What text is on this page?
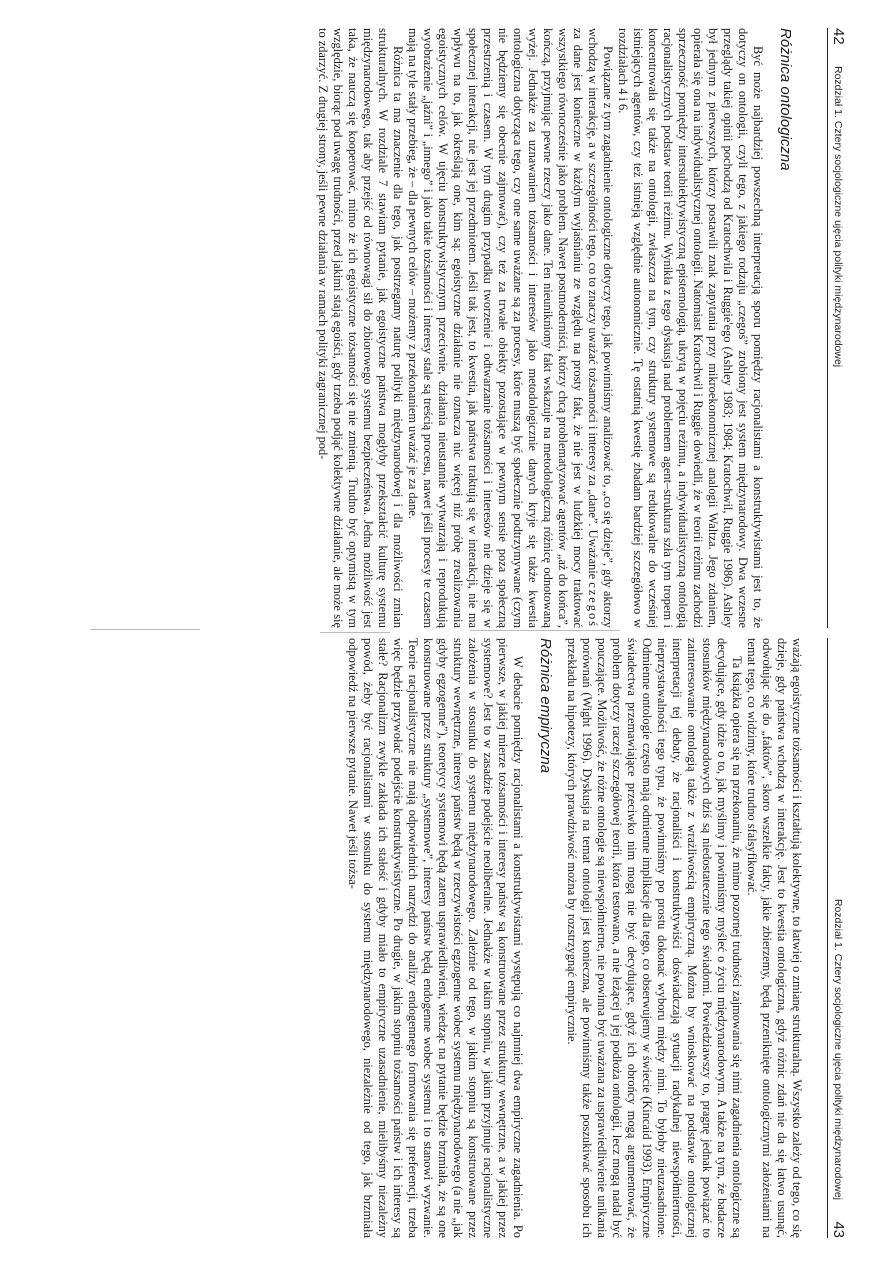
42
Rozdział 1. Cztery socjologiczne ujęcia polityki międzynarodowej
Różnica ontologiczna

Być może najbardziej powszechną interpretacją sporu pomiędzy racjonalistami a konstruktywistami jest to, że dotyczy on ontologii, czyli tego, z jakiego rodzaju „czegoś” zrobiony jest system międzynarodowy. Dwa wczesne przeglądy takiej opinii pochodzą od Kratochwila i Ruggie'ego (Ashley 1983; 1984; Kratochwil, Ruggie 1986). Ashley był jednym z pierwszych, którzy postawili znak zapytania przy mikroekonomicznej analogii Waltza. Jego zdaniem, opierała się ona na indywidualistycznej ontologii. Natomiast Kratochwil i Ruggie dowiedli, że w teorii reżimu zachodzi sprzeczność pomiędzy intersubiektywistyczną epistemologią, ukrytą w pojęciu reżimu, a indywidualistyczną ontologią racjonalistycznych podstaw teorii reżimu. Wynikła z tego dyskusja nad problemem agent–struktura szła tym tropem i koncentrowała się także na ontologii, zwłaszcza na tym, czy struktury systemowe są redukowalne do wcześniej istniejących agentów, czy też istnieją względnie autonomicznie. Tę ostatnią kwestię zbadam bardziej szczegółowo w rozdziałach 4 i 6.

Powiązane z tym zagadnienie ontologiczne dotyczy tego, jak powinniśmy analizować to, „co się dzieje”, gdy aktorzy wchodzą w interakcję, a w szczególności tego, co to znaczy uważać tożsamości i interesy za „dane”. Uważanie czegoś za dane jest konieczne w każdym wyjaśnianiu ze względu na prosty fakt, że nie jest w ludzkiej mocy traktować wszystkiego równocześnie jako problem. Nawet postmoderniści, którzy chcą problematyzować agentów „aż do końca”, kończą, przyjmując pewne rzeczy jako dane. Ten nieunikniony fakt wskazuje na metodologiczną różnicę odnotowaną wyżej. Jednakże za uznawaniem tożsamości i interesów jako metodologicznie danych kryje się także kwestia ontologiczna dotycząca tego, czy one same uważane są za procesy, które muszą być społecznie podtrzymywane (czym nie będziemy się obecnie zajmować), czy też za trwałe obiekty pozostające w pewnym sensie poza społeczną przestrzenią i czasem. W tym drugim przypadku tworzenie i odtwarzanie tożsamości i interesów nie dzieje się w społecznej interakcji, nie jest jej przedmiotem. Jeśli tak jest, to kwestia, jak państwa traktują się w interakcji, nie ma wpływu na to, jak określają one, kim są: egoistyczne działanie nie oznacza nic więcej niż próbę zrealizowania egoistycznych celów. W ujęciu konstruktywistycznym przeciwnie, działania nieustannie wytwarzają i reprodukują wyobrażenie „jaźni” i „innego” i jako takie tożsamości i interesy stale są treścią procesu, nawet jeśli procesy te czasem mają na tyle stały przebieg, że – dla pewnych celów – możemy z przekonaniem uważać je za dane.

Różnica ta ma znaczenie dla tego, jak postrzegamy naturę polityki międzynarodowej i dla możliwości zmian strukturalnych. W rozdziale 7 stawiam pytanie, jak egoistyczne państwa mogłyby przekształcić kulturę systemu międzynarodowego, tak aby przejść od równowagi sił do zbiorowego systemu bezpieczeństwa. Jedna możliwość jest taka, że nauczą się kooperować, mimo że ich egoistyczne tożsamości się nie zmienią. Trudno być optymistą w tym względzie, biorąc pod uwagę trudności, przed jakimi stają egoiści, gdy trzeba podjąć kolektywne działanie, ale może się to zdarzyć. Z drugiej strony, jeśli pewne działania w ramach polityki zagranicznej pod-

Rozdział 1. Cztery socjologiczne ujęcia polityki międzynarodowej
43

ważają egoistyczne tożsamości i kształtują kolektywne, to łatwiej o zmianę strukturalną. Wszystko zależy od tego, co się dzieje, gdy państwa wchodzą w interakcję. Jest to kwestia ontologiczna, gdyż różnic zdań nie da się łatwo usunąć, odwołując się do „faktów”, skoro wszelkie fakty, jakie zbierzemy, będą przeniknięte ontologicznymi założeniami na temat tego, co widzimy, które trudno sfalsyfikować.

Ta książka opiera się na przekonaniu, że mimo pozornej trudności zajmowania się nimi zagadnienia ontologiczne są decydujące, gdy idzie o to, jak myślimy i powinniśmy myśleć o życiu międzynarodowym. A także na tym, że badacze stosunków międzynarodowych dziś są niedostatecznie tego świadomi. Powiedziawszy to, pragnę jednak powiązać to zainteresowanie ontologią także z wrażliwością empiryczną. Można by wnioskować na podstawie ontologicznej interpretacji tej debaty, że racjonaliści i konstruktywiści doświadczają sytuacji radykalnej niewspółmierności, nieprzystawalności tego typu, że powinniśmy po prostu dokonać wyboru między nimi. To byłoby nieuzasadnione. Odmienne ontologie często mają odmienne implikacje dla tego, co obserwujemy w świecie (Kincaid 1993). Empiryczne świadectwa przemawiające przeciwko nim mogą nie być decydujące, gdyż ich obrońcy mogą argumentować, że problem dotyczy raczej szczegółowej teorii, która testowano, a nie leżącej u jej podłoża ontologii, lecz mogą nadal być pouczające. Możliwość, że różne ontologie są niewspółmierne, nie powinna być uważana za usprawiedliwienie unikania porównań (Wight 1996). Dyskusja na temat ontologii jest konieczna, ale powinniśmy także poszukiwać sposobu ich przekładu na hipotezy, których prawdziwość można by rozstrzygnąć empirycznie.

Różnica empiryczna

W debacie pomiędzy racjonalistami a konstruktywistami występują co najmniej dwa empiryczne zagadnienia. Po pierwsze, w jakiej mierze tożsamości i interesy państw są konstruowane przez struktury wewnętrzne, a w jakiej przez systemowe? Jest to w zasadzie podejście neoliberalne. Jednakże w takim stopniu, w jakim przyjmuje racjonalistyczne założenia w stosunku do systemu międzynarodowego. Zależnie od tego, w jakim stopniu są konstruowane przez struktury wewnętrzne, interesy państw będą w rzeczywistości egzogenne wobec systemu międzynarodowego (a nie „jak gdyby egzogenne”), teoretycy systemowi będą zatem usprawiedliwieni, wiedząc na pytanie będzie brzmiała, że są one konstruowane przez struktury „systemowe”, interesy państw będą endogenne wobec systemu i to stanowi wyzwanie. Teorie racjonalistyczne nie mają odpowiednich narzędzi do analizy endogennego formowania się preferencji, trzeba więc będzie przywołać podejście konstruktywistyczne. Po drugie, w jakim stopniu tożsamości państw i ich interesy są stałe? Racjonalizm zwykle zakłada ich stałość i gdyby miało to empiryczne uzasadnienie, mielibyśmy niezależny powód, żeby być racjonalistami w stosunku do systemu międzynarodowego, niezależnie od tego, jak brzmiała odpowiedź na pierwsze pytanie. Nawet jeśli tożsa-
